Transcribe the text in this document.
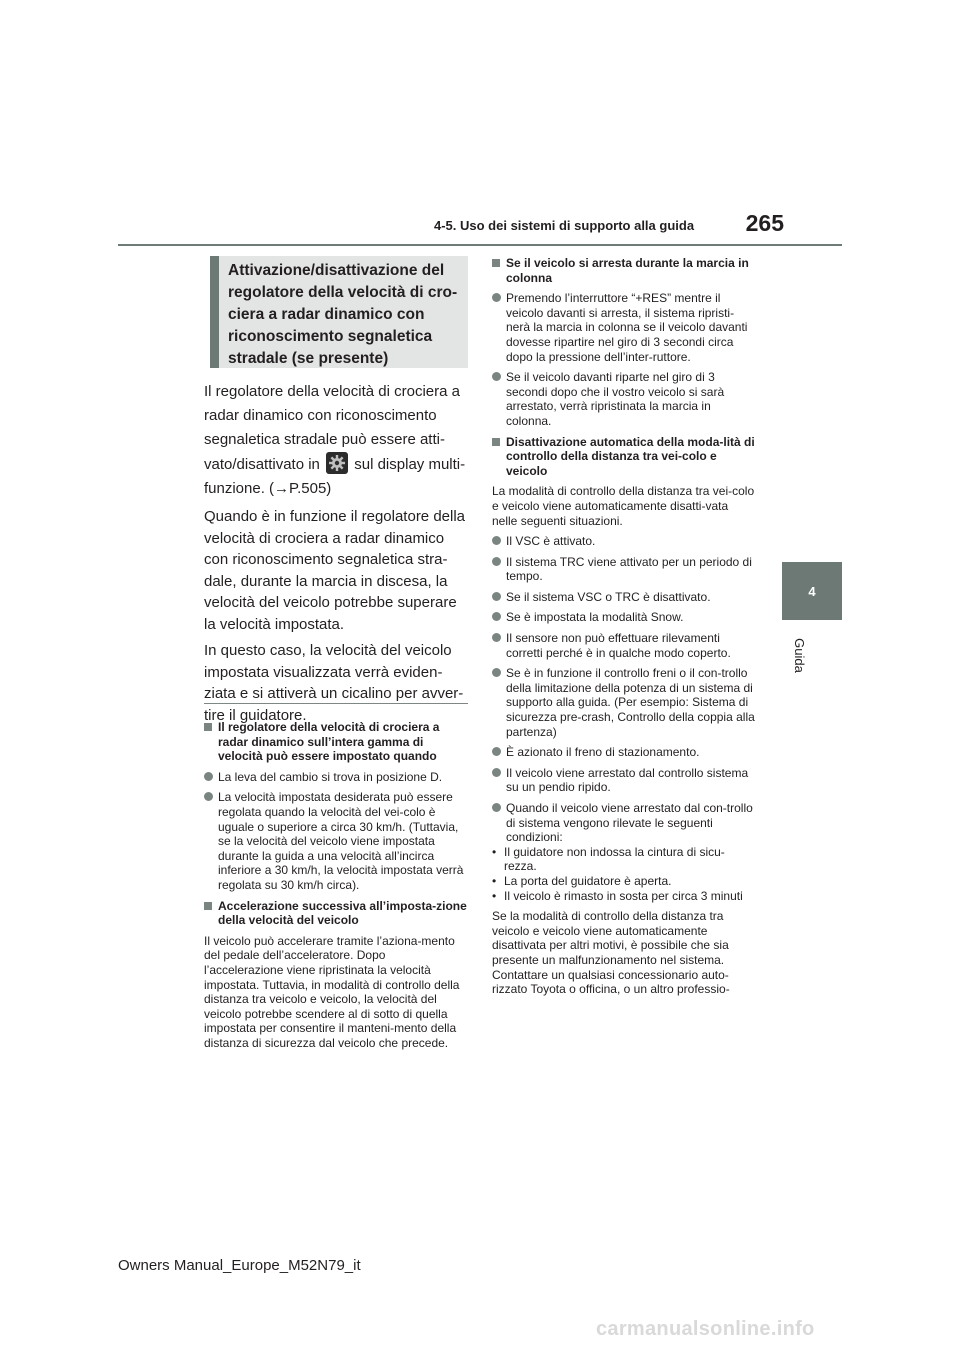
4-5. Uso dei sistemi di supporto alla guida	265
4
Guida
Attivazione/disattivazione del
regolatore della velocità di cro-
ciera a radar dinamico con
riconoscimento segnaletica
stradale (se presente)

Il regolatore della velocità di crociera a radar dinamico con riconoscimento segnaletica stradale può essere atti-vato/disattivato in sul display multi-funzione. (→P.505)

Quando è in funzione il regolatore della velocità di crociera a radar dinamico con riconoscimento segnaletica stra-dale, durante la marcia in discesa, la velocità del veicolo potrebbe superare la velocità impostata.

In questo caso, la velocità del veicolo impostata visualizzata verrà eviden-ziata e si attiverà un cicalino per avver-tire il guidatore.

Il regolatore della velocità di crociera a radar dinamico sull’intera gamma di velocità può essere impostato quando
La leva del cambio si trova in posizione D.
La velocità impostata desiderata può essere regolata quando la velocità del vei-colo è uguale o superiore a circa 30 km/h. (Tuttavia, se la velocità del veicolo viene impostata durante la guida a una velocità all’incirca inferiore a 30 km/h, la velocità impostata verrà regolata su 30 km/h circa).
Accelerazione successiva all’imposta-zione della velocità del veicolo
Il veicolo può accelerare tramite l’aziona-mento del pedale dell’acceleratore. Dopo l’accelerazione viene ripristinata la velocità impostata. Tuttavia, in modalità di controllo della distanza tra veicolo e veicolo, la velocità del veicolo potrebbe scendere al di sotto di quella impostata per consentire il manteni-mento della distanza di sicurezza dal veicolo che precede.
Se il veicolo si arresta durante la marcia in colonna
Premendo l’interruttore “+RES” mentre il veicolo davanti si arresta, il sistema ripristi-nerà la marcia in colonna se il veicolo davanti dovesse ripartire nel giro di 3 secondi circa dopo la pressione dell’inter-ruttore.
Se il veicolo davanti riparte nel giro di 3 secondi dopo che il vostro veicolo si sarà arrestato, verrà ripristinata la marcia in colonna.
Disattivazione automatica della moda-lità di controllo della distanza tra vei-colo e veicolo
La modalità di controllo della distanza tra vei-colo e veicolo viene automaticamente disatti-vata nelle seguenti situazioni.
Il VSC è attivato.
Il sistema TRC viene attivato per un periodo di tempo.
Se il sistema VSC o TRC è disattivato.
Se è impostata la modalità Snow.
Il sensore non può effettuare rilevamenti corretti perché è in qualche modo coperto.
Se è in funzione il controllo freni o il con-trollo della limitazione della potenza di un sistema di supporto alla guida. (Per esempio: Sistema di sicurezza pre-crash, Controllo della coppia alla partenza)
È azionato il freno di stazionamento.
Il veicolo viene arrestato dal controllo sistema su un pendio ripido.
Quando il veicolo viene arrestato dal con-trollo di sistema vengono rilevate le seguenti condizioni:
• Il guidatore non indossa la cintura di sicu-rezza.
• La porta del guidatore è aperta.
• Il veicolo è rimasto in sosta per circa 3 minuti
Se la modalità di controllo della distanza tra veicolo e veicolo viene automaticamente disattivata per altri motivi, è possibile che sia presente un malfunzionamento nel sistema. Contattare un qualsiasi concessionario auto-rizzato Toyota o officina, o un altro professio-
Owners Manual_Europe_M52N79_it
carmanualsonline.info
